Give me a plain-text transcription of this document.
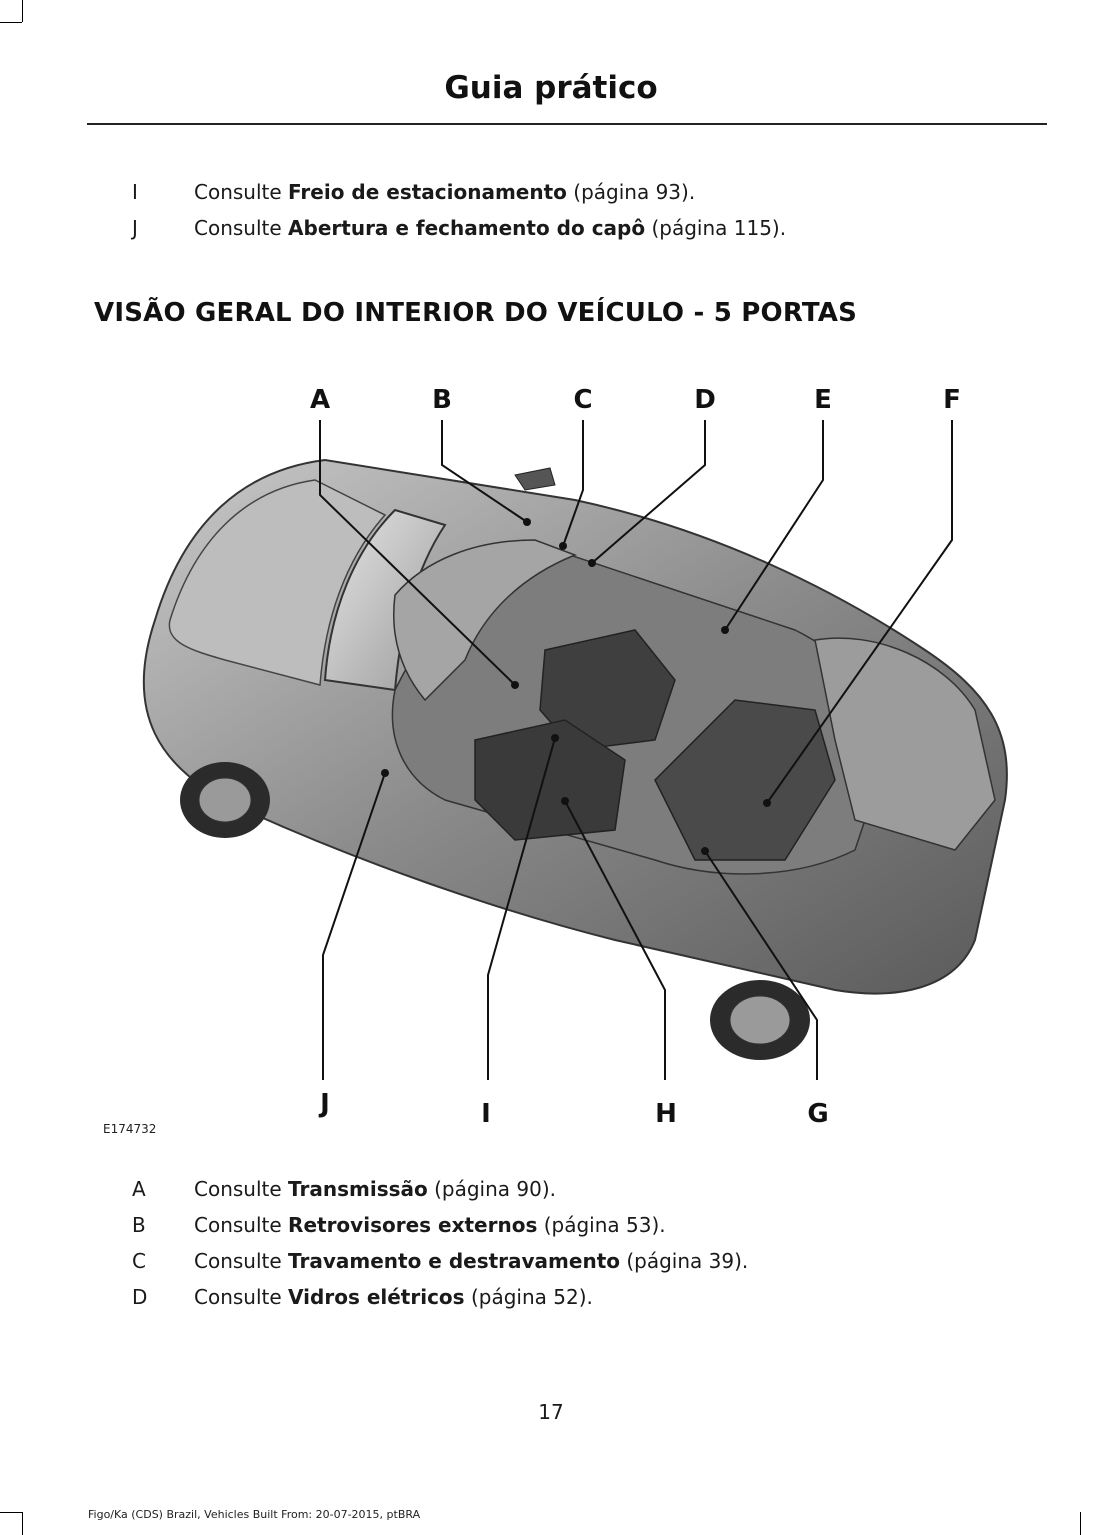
Guia prático
I	Consulte Freio de estacionamento (página 93).
J	Consulte Abertura e fechamento do capô (página 115).
VISÃO GERAL DO INTERIOR DO VEÍCULO - 5 PORTAS
A	B	C	D	E	F
J	I	H	G
E174732
A	Consulte Transmissão (página 90).
B	Consulte Retrovisores externos (página 53).
C	Consulte Travamento e destravamento (página 39).
D Consulte Vidros elétricos (página 52).
17
Figo/Ka (CDS) Brazil, Vehicles Built From: 20-07-2015, ptBRA
